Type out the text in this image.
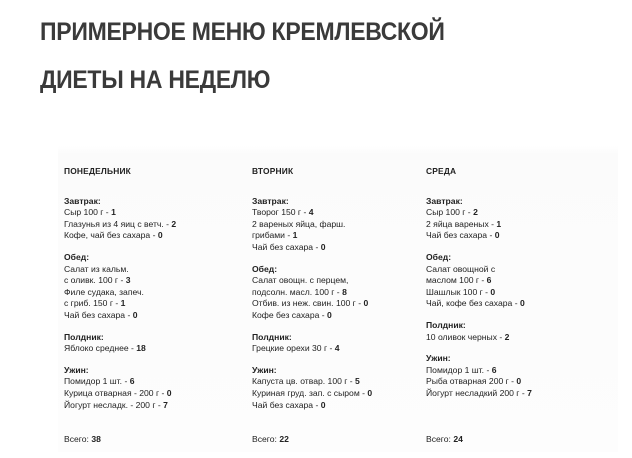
ПРИМЕРНОЕ МЕНЮ КРЕМЛЕВСКОЙ
ДИЕТЫ НА НЕДЕЛЮ
ПОНЕДЕЛЬНИК
Завтрак:
Сыр 100 г - 1
Глазунья из 4 яиц с ветч. - 2
Кофе, чай без сахара - 0
Обед:
Салат из кальм.
с оливк. 100 г - 3
Филе судака, запеч.
с гриб. 150 г - 1
Чай без сахара - 0
Полдник:
Яблоко среднее - 18
Ужин:
Помидор 1 шт. - 6
Курица отварная - 200 г - 0
Йогурт несладк. - 200 г - 7
ВТОРНИК
Завтрак:
Творог 150 г - 4
2 вареных яйца, фарш.
грибами - 1
Чай без сахара - 0
Обед:
Салат овощн. с перцем,
подсолн. масл. 100 г - 8
Отбив. из неж. свин. 100 г - 0
Кофе без сахара - 0
Полдник:
Грецкие орехи 30 г - 4
Ужин:
Капуста цв. отвар. 100 г - 5
Куриная груд. зап. с сыром - 0
Чай без сахара - 0
СРЕДА
Завтрак:
Сыр 100 г - 2
2 яйца вареных - 1
Чай без сахара - 0
Обед:
Салат овощной с
маслом 100 г - 6
Шашлык 100 г - 0
Чай, кофе без сахара - 0
Полдник:
10 оливок черных - 2
Ужин:
Помидор 1 шт. - 6
Рыба отварная 200 г - 0
Йогурт несладкий 200 г - 7
Всего: 38	Всего: 22	Всего: 24
